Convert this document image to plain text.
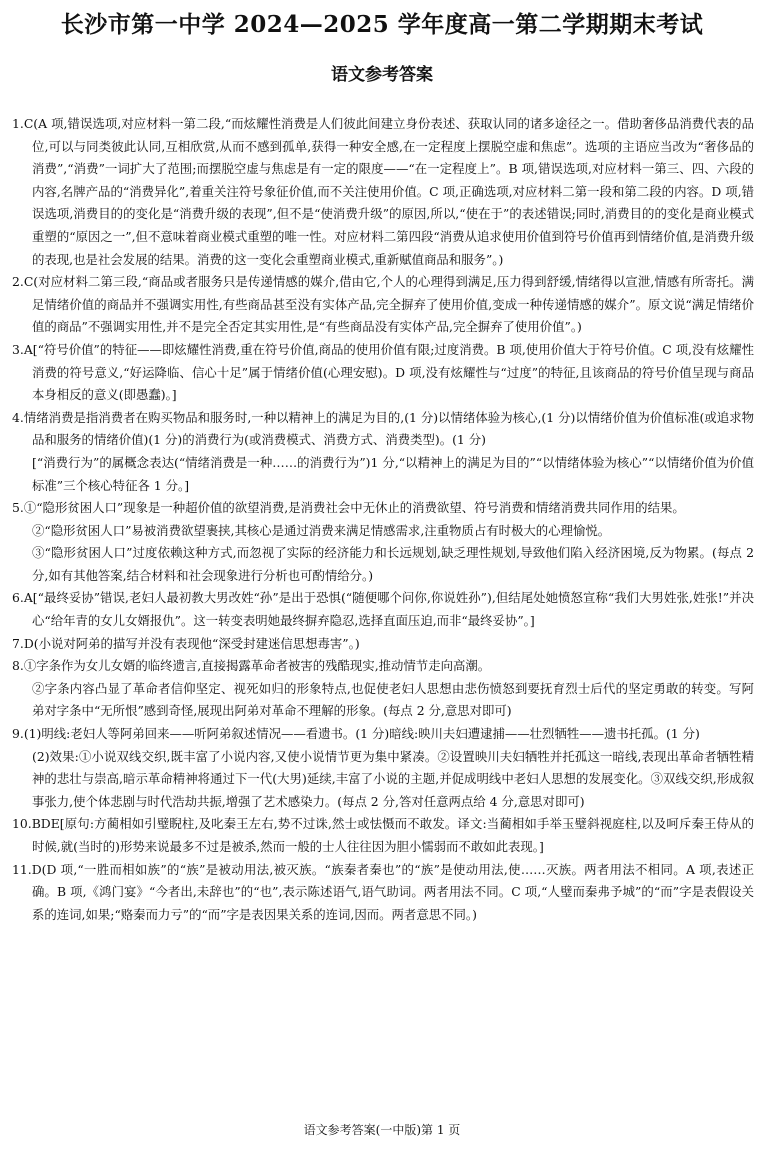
长沙市第一中学 2024—2025 学年度高一第二学期期末考试
语文参考答案

1.C(A 项,错误选项,对应材料一第二段,“而炫耀性消费是人们彼此间建立身份表述、获取认同的诸多途径之一。借助奢侈品消费代表的品位,可以与同类彼此认同,互相欣赏,从而不感到孤单,获得一种安全感,在一定程度上摆脱空虚和焦虑”。选项的主语应当改为“奢侈品的消费”,“消费”一词扩大了范围;而摆脱空虚与焦虑是有一定的限度——“在一定程度上”。B 项,错误选项,对应材料一第三、四、六段的内容,名牌产品的“消费异化”,着重关注符号象征价值,而不关注使用价值。C 项,正确选项,对应材料二第一段和第二段的内容。D 项,错误选项,消费目的的变化是“消费升级的表现”,但不是“使消费升级”的原因,所以,“使在于”的表述错误;同时,消费目的的变化是商业模式重塑的“原因之一”,但不意味着商业模式重塑的唯一性。对应材料二第四段“消费从追求使用价值到符号价值再到情绪价值,是消费升级的表现,也是社会发展的结果。消费的这一变化会重塑商业模式,重新赋值商品和服务”。)

2.C(对应材料二第三段,“商品或者服务只是传递情感的媒介,借由它,个人的心理得到满足,压力得到舒缓,情绪得以宣泄,情感有所寄托。满足情绪价值的商品并不强调实用性,有些商品甚至没有实体产品,完全摒弃了使用价值,变成一种传递情感的媒介”。原文说“满足情绪价值的商品”不强调实用性,并不是完全否定其实用性,是“有些商品没有实体产品,完全摒弃了使用价值”。)

3.A[“符号价值”的特征——即炫耀性消费,重在符号价值,商品的使用价值有限;过度消费。B 项,使用价值大于符号价值。C 项,没有炫耀性消费的符号意义,“好运降临、信心十足”属于情绪价值(心理安慰)。D 项,没有炫耀性与“过度”的特征,且该商品的符号价值呈现与商品本身相反的意义(即愚蠢)。]

4.情绪消费是指消费者在购买物品和服务时,一种以精神上的满足为目的,(1 分)以情绪体验为核心,(1 分)以情绪价值为价值标准(或追求物品和服务的情绪价值)(1 分)的消费行为(或消费模式、消费方式、消费类型)。(1 分)

[“消费行为”的属概念表达(“情绪消费是一种……的消费行为”)1 分,“以精神上的满足为目的”“以情绪体验为核心”“以情绪价值为价值标准”三个核心特征各 1 分。]

5.①“隐形贫困人口”现象是一种超价值的欲望消费,是消费社会中无休止的消费欲望、符号消费和情绪消费共同作用的结果。

②“隐形贫困人口”易被消费欲望裹挟,其核心是通过消费来满足情感需求,注重物质占有时极大的心理愉悦。

③“隐形贫困人口”过度依赖这种方式,而忽视了实际的经济能力和长远规划,缺乏理性规划,导致他们陷入经济困境,反为物累。(每点 2 分,如有其他答案,结合材料和社会现象进行分析也可酌情给分。)

6.A[“最终妥协”错误,老妇人最初教大男改姓“孙”是出于恐惧(“随便哪个问你,你说姓孙”),但结尾处她愤怒宣称“我们大男姓张,姓张!”并决心“给年青的女儿女婿报仇”。这一转变表明她最终摒弃隐忍,选择直面压迫,而非“最终妥协”。]

7.D(小说对阿弟的描写并没有表现他“深受封建迷信思想毒害”。)

8.①字条作为女儿女婿的临终遗言,直接揭露革命者被害的残酷现实,推动情节走向高潮。

②字条内容凸显了革命者信仰坚定、视死如归的形象特点,也促使老妇人思想由悲伤愤怒到要抚育烈士后代的坚定勇敢的转变。写阿弟对字条中“无所恨”感到奇怪,展现出阿弟对革命不理解的形象。(每点 2 分,意思对即可)

9.(1)明线:老妇人等阿弟回来——听阿弟叙述情况——看遗书。(1 分)暗线:映川夫妇遭逮捕——壮烈牺牲——遗书托孤。(1 分)

(2)效果:①小说双线交织,既丰富了小说内容,又使小说情节更为集中紧凑。②设置映川夫妇牺牲并托孤这一暗线,表现出革命者牺牲精神的悲壮与崇高,暗示革命精神将通过下一代(大男)延续,丰富了小说的主题,并促成明线中老妇人思想的发展变化。③双线交织,形成叙事张力,使个体悲剧与时代浩劫共振,增强了艺术感染力。(每点 2 分,答对任意两点给 4 分,意思对即可)

10.BDE[原句:方蔺相如引璧睨柱,及叱秦王左右,势不过诛,然士或怯慑而不敢发。译文:当蔺相如手举玉璧斜视庭柱,以及呵斥秦王侍从的时候,就(当时的)形势来说最多不过是被杀,然而一般的士人往往因为胆小懦弱而不敢如此表现。]

11.D(D 项,“一胜而相如族”的“族”是被动用法,被灭族。“族秦者秦也”的“族”是使动用法,使……灭族。两者用法不相同。A 项,表述正确。B 项,《鸿门宴》“今者出,未辞也”的“也”,表示陈述语气,语气助词。两者用法不同。C 项,“人璧而秦弗予城”的“而”字是表假设关系的连词,如果;“赂秦而力亏”的“而”字是表因果关系的连词,因而。两者意思不同。)

语文参考答案(一中版)第 1 页
